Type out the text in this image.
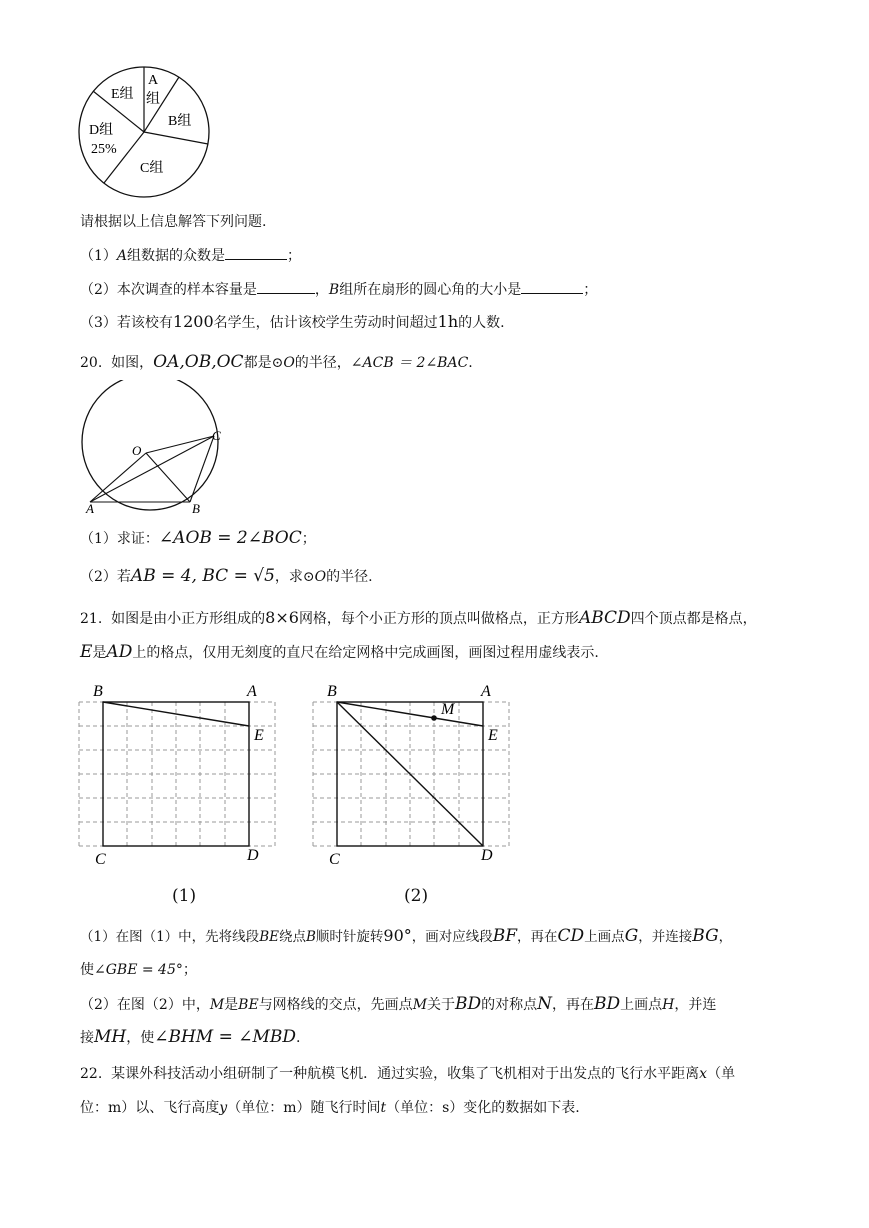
A
组
B组
C组
D组
25%
E组
请根据以上信息解答下列问题.
（1）A组数据的众数是	；
（2）本次调查的样本容量是	，B组所在扇形的圆心角的大小是	；
（3）若该校有1200名学生，估计该校学生劳动时间超过1h的人数.
20. 如图，OA,OB,OC都是⊙O的半径，∠ACB ＝ 2∠BAC.
O
A	B
C
（1）求证：∠AOB = 2∠BOC；
（2）若AB = 4, BC = √5，求⊙O的半径.
21. 如图是由小正方形组成的8×6网格，每个小正方形的顶点叫做格点，正方形ABCD四个顶点都是格点，
E是AD上的格点，仅用无刻度的直尺在给定网格中完成画图，画图过程用虚线表示.
B	A
E
C	D
B	A
M
E
C	D
(1)	(2)
（1）在图（1）中，先将线段BE绕点B顺时针旋转90°，画对应线段BF，再在CD上画点G，并连接BG，
使∠GBE = 45°；
（2）在图（2）中，M是BE与网格线的交点，先画点M关于BD的对称点N，再在BD上画点H，并连
接MH，使∠BHM = ∠MBD.
22. 某课外科技活动小组研制了一种航模飞机．通过实验，收集了飞机相对于出发点的飞行水平距离x（单
位：m）以、飞行高度y（单位：m）随飞行时间t（单位：s）变化的数据如下表.
